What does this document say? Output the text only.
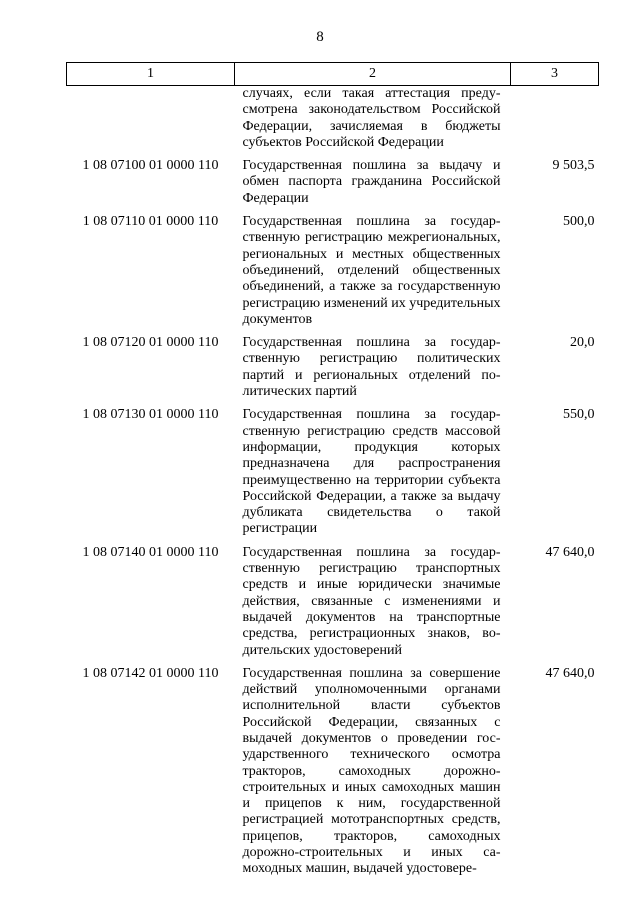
8
1	2	3
	случаях, если такая аттестация предусмотрена законодательством Российской Федерации, зачисляемая в бюджеты субъектов Российской Федерации	
1 08 07100 01 0000 110	Государственная пошлина за выдачу и обмен паспорта гражданина Российской Федерации	9 503,5
1 08 07110 01 0000 110	Государственная пошлина за государственную регистрацию межрегиональных, региональных и местных общественных объединений, отделений общественных объединений, а также за государственную регистрацию изменений их учредительных документов	500,0
1 08 07120 01 0000 110	Государственная пошлина за государственную регистрацию политических партий и региональных отделений политических партий	20,0
1 08 07130 01 0000 110	Государственная пошлина за государственную регистрацию средств массовой информации, продукция которых предназначена для распространения преимущественно на территории субъекта Российской Федерации, а также за выдачу дубликата свидетельства о такой регистрации	550,0
1 08 07140 01 0000 110	Государственная пошлина за государственную регистрацию транспортных средств и иные юридически значимые действия, связанные с изменениями и выдачей документов на транспортные средства, регистрационных знаков, водительских удостоверений	47 640,0
1 08 07142 01 0000 110	Государственная пошлина за совершение действий уполномоченными органами исполнительной власти субъектов Российской Федерации, связанных с выдачей документов о проведении государственного технического осмотра тракторов, самоходных дорожно-строительных и иных самоходных машин и прицепов к ним, государственной регистрацией мототранспортных средств, прицепов, тракторов, самоходных дорожно-строительных и иных самоходных машин, выдачей удостовере-	47 640,0
